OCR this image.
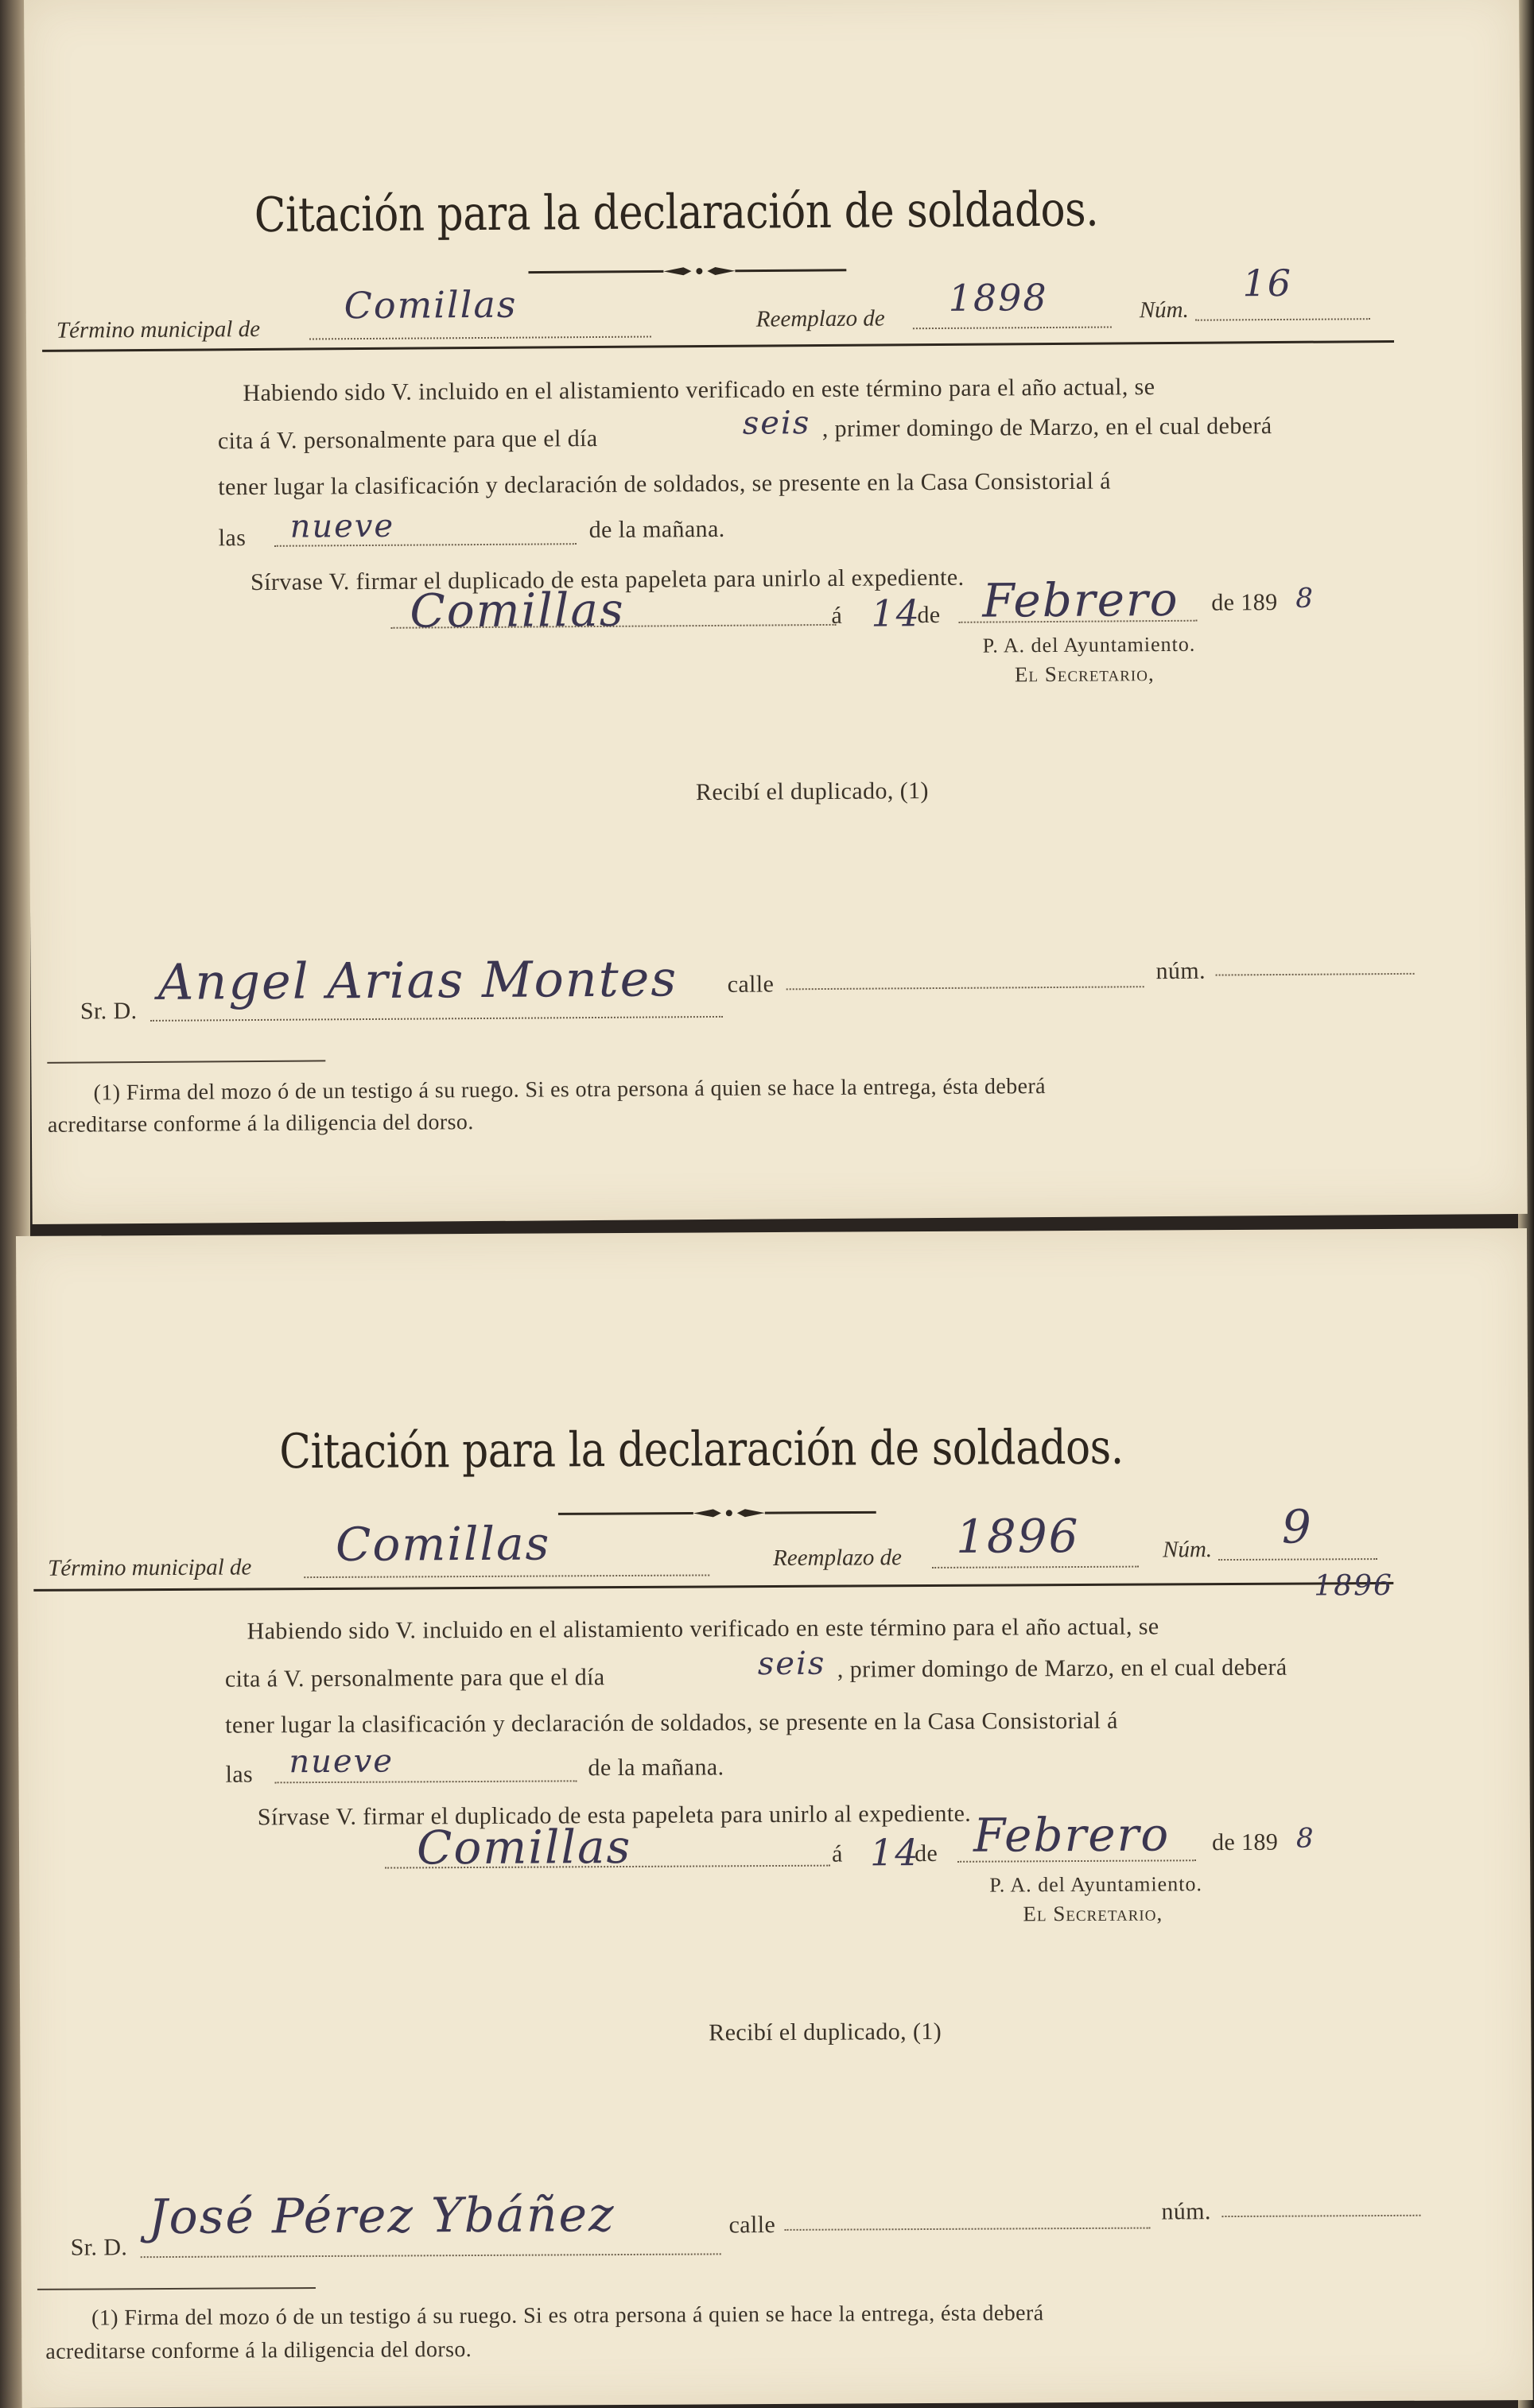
Citación para la declaración de soldados.
Término municipal de
Comillas	Reemplazo de 1898	Núm.
16
Habiendo sido V. incluido en el alistamiento verificado en este término para el año actual, se
cita á V. personalmente para que el día	seis , primer domingo de Marzo, en el cual deberá
tener lugar la clasificación y declaración de soldados, se presente en la Casa Consistorial á
las nueve	de la mañana.
Sírvase V. firmar el duplicado de esta papeleta para unirlo al expediente.
Comillas	á 14
de Febrero de 189 8
P. A. del Ayuntamiento.
El Secretario,
Recibí el duplicado, (1)
Sr. D. Angel Arias Montes calle
núm.
(1) Firma del mozo ó de un testigo á su ruego. Si es otra persona á quien se hace la entrega, ésta deberá
acreditarse conforme á la diligencia del dorso.
Citación para la declaración de soldados.
Término municipal de Comillas	Reemplazo de 1896	Núm. 9
Habiendo sido V. incluido en el alistamiento verificado en este término para el año actual, se
1896
cita á V. personalmente para que el día	seis , primer domingo de Marzo, en el cual deberá
tener lugar la clasificación y declaración de soldados, se presente en la Casa Consistorial á
las nueve	de la mañana.
Sírvase V. firmar el duplicado de esta papeleta para unirlo al expediente.
Comillas	á 14
de Febrero de 189 8
P. A. del Ayuntamiento.
El Secretario,
Recibí el duplicado, (1)
Sr. D.
José Pérez Ybáñez	calle
núm.
(1) Firma del mozo ó de un testigo á su ruego. Si es otra persona á quien se hace la entrega, ésta deberá
acreditarse conforme á la diligencia del dorso.
